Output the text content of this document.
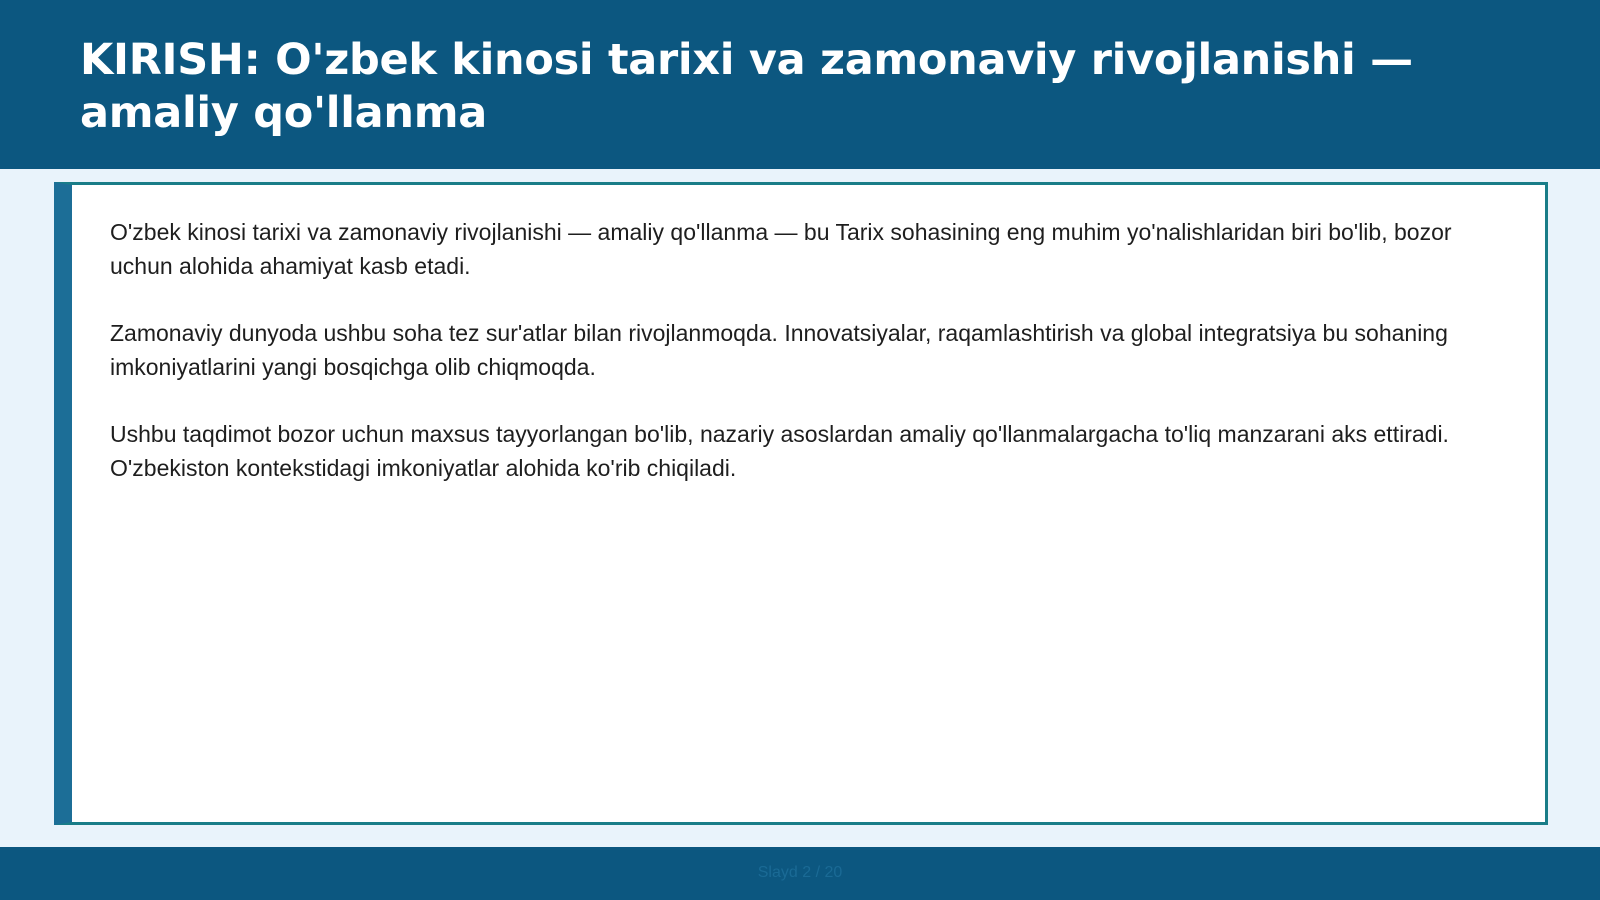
KIRISH: O'zbek kinosi tarixi va zamonaviy rivojlanishi — amaliy qo'llanma

O'zbek kinosi tarixi va zamonaviy rivojlanishi — amaliy qo'llanma — bu Tarix sohasining eng muhim yo'nalishlaridan biri bo'lib, bozor uchun alohida ahamiyat kasb etadi.

Zamonaviy dunyoda ushbu soha tez sur'atlar bilan rivojlanmoqda. Innovatsiyalar, raqamlashtirish va global integratsiya bu sohaning imkoniyatlarini yangi bosqichga olib chiqmoqda.

Ushbu taqdimot bozor uchun maxsus tayyorlangan bo'lib, nazariy asoslardan amaliy qo'llanmalargacha to'liq manzarani aks ettiradi. O'zbekiston kontekstidagi imkoniyatlar alohida ko'rib chiqiladi.

Slayd 2 / 20
